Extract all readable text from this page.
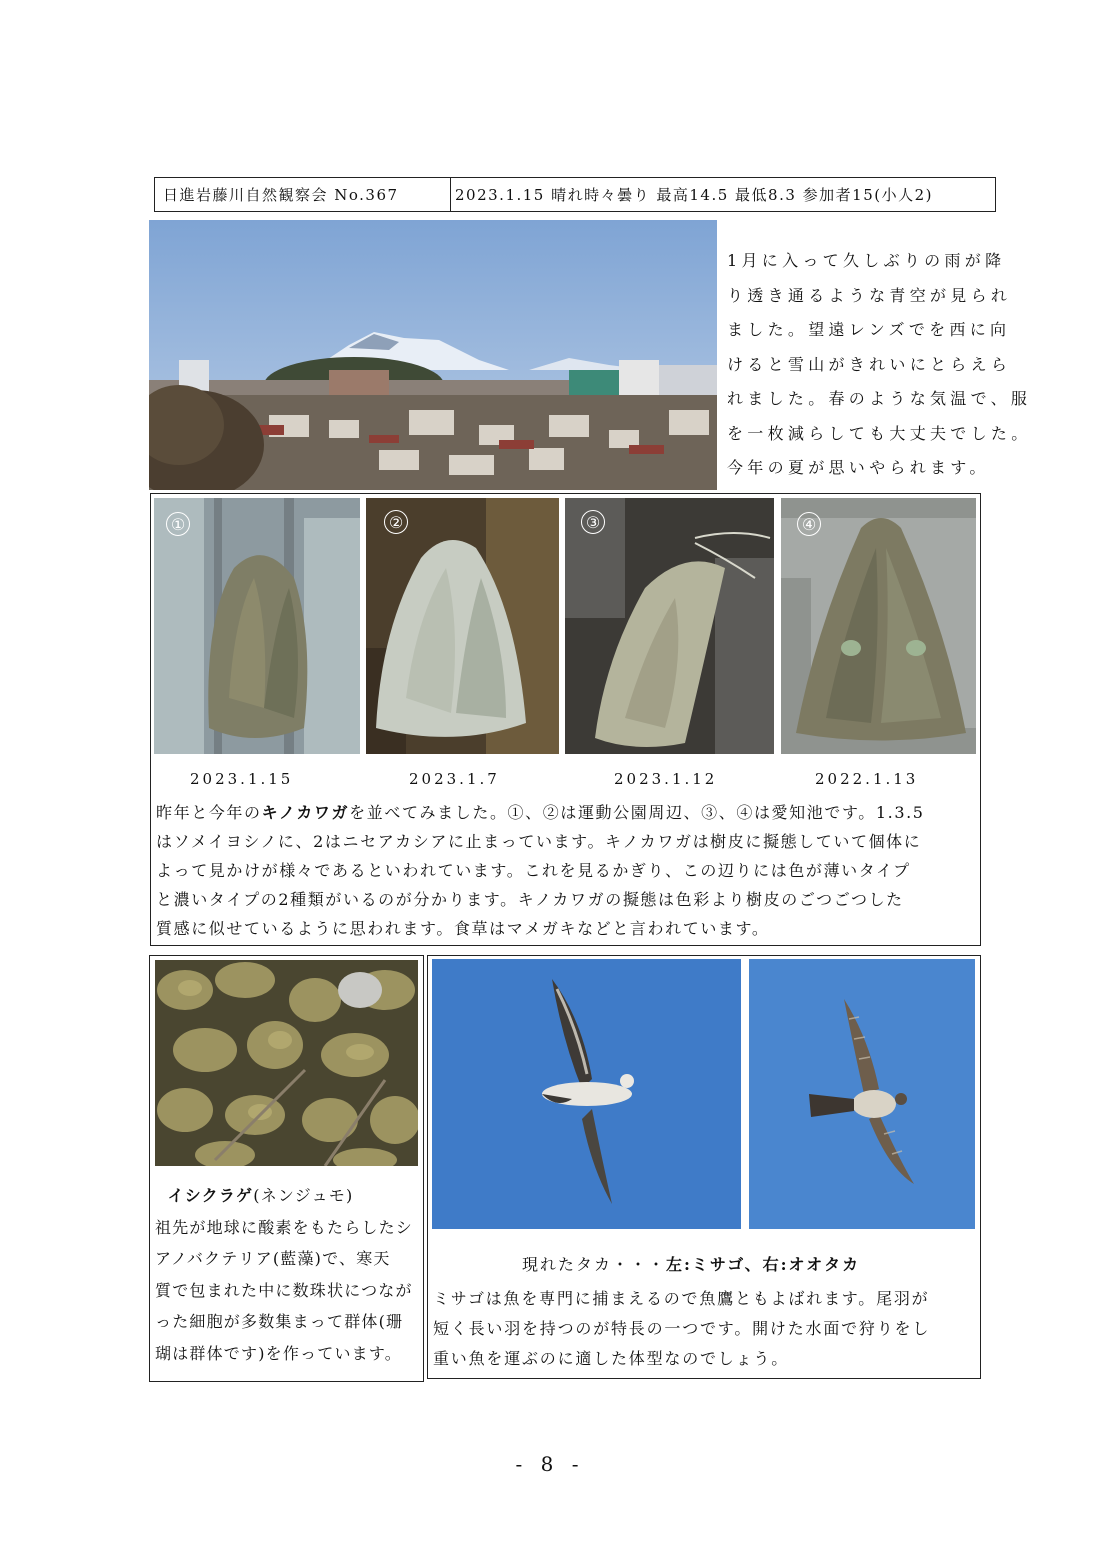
日進岩藤川自然観察会 No.367	2023.1.15 晴れ時々曇り 最高14.5 最低8.3 参加者15(小人2)

1月に入って久しぶりの雨が降

り透き通るような青空が見られ

ました。望遠レンズでを西に向

けると雪山がきれいにとらえら

れました。春のような気温で、服

を一枚減らしても大丈夫でした。

今年の夏が思いやられます。

①	②	③	④
2023.1.15	2023.1.7	2023.1.12	2022.1.13

昨年と今年のキノカワガを並べてみました。①、②は運動公園周辺、③、④は愛知池です。1.3.5

はソメイヨシノに、2はニセアカシアに止まっています。キノカワガは樹皮に擬態していて個体に

よって見かけが様々であるといわれています。これを見るかぎり、この辺りには色が薄いタイプ

と濃いタイプの2種類がいるのが分かります。キノカワガの擬態は色彩より樹皮のごつごつした

質感に似せているように思われます。食草はマメガキなどと言われています。

イシクラゲ(ネンジュモ)

祖先が地球に酸素をもたらしたシ

アノバクテリア(藍藻)で、寒天

質で包まれた中に数珠状につなが

った細胞が多数集まって群体(珊

瑚は群体です)を作っています。

現れたタカ・・・左:ミサゴ、右:オオタカ

ミサゴは魚を専門に捕まえるので魚鷹ともよばれます。尾羽が

短く長い羽を持つのが特長の一つです。開けた水面で狩りをし

重い魚を運ぶのに適した体型なのでしょう。

- 8 -
